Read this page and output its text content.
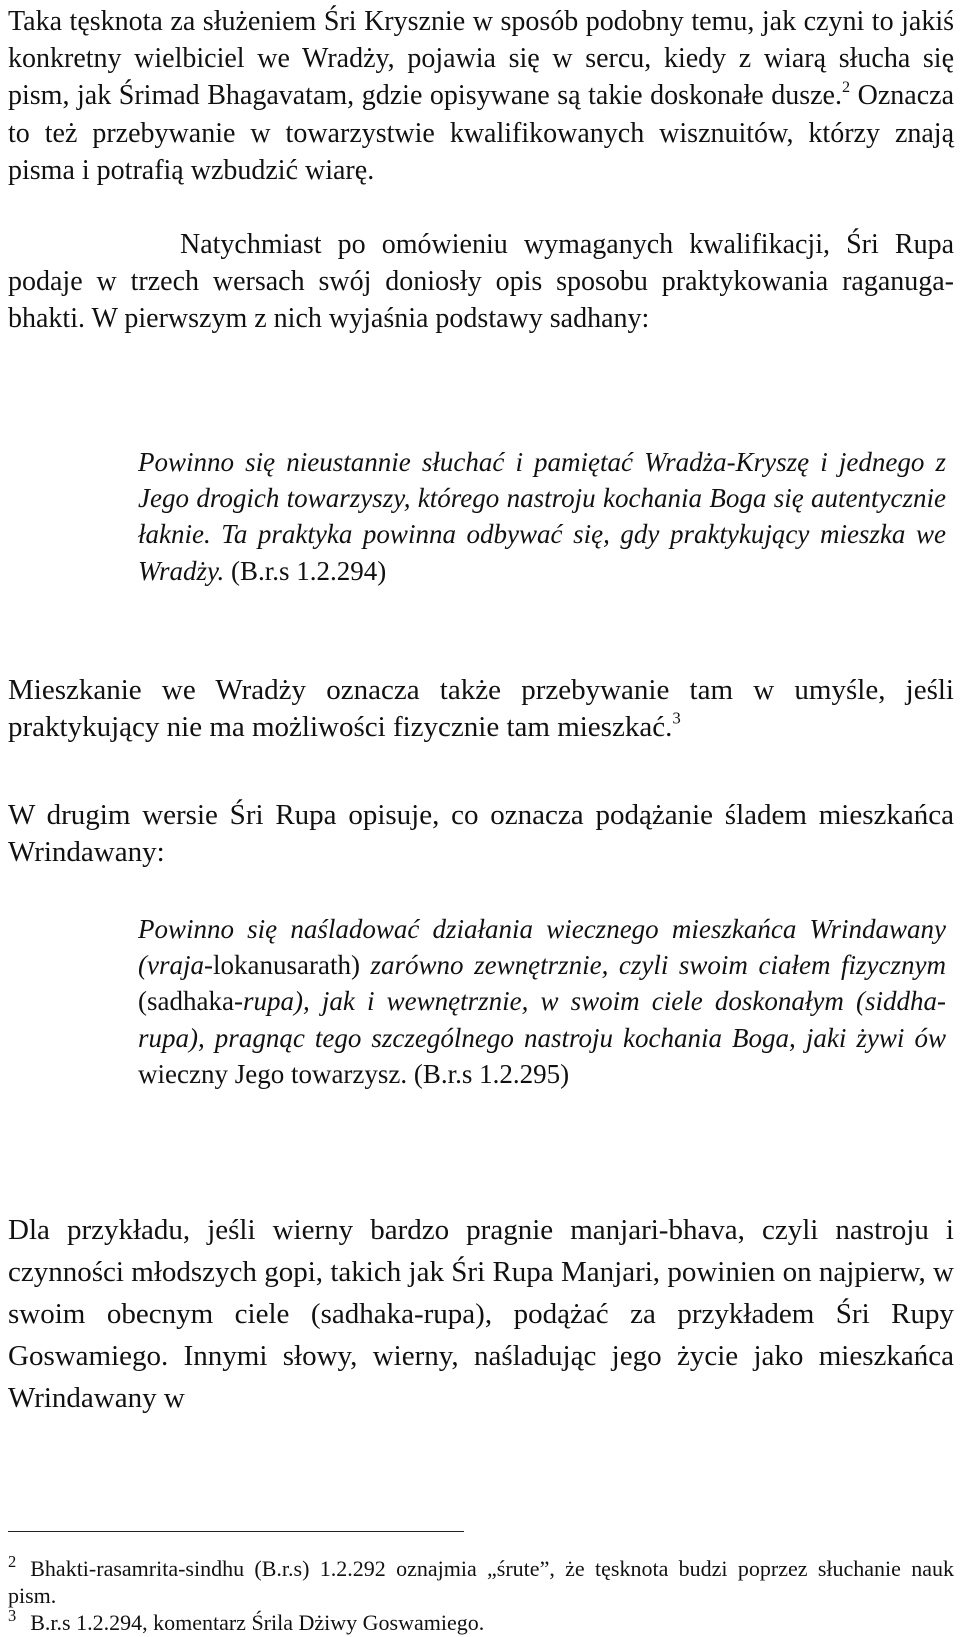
Taka tęsknota za służeniem Śri Krysznie w sposób podobny temu, jak czyni to jakiś konkretny wielbiciel we Wradży, pojawia się w sercu, kiedy z wiarą słucha się pism, jak Śrimad Bhagavatam, gdzie opisywane są takie doskonałe dusze.$^2$ Oznacza to też przebywanie w towarzystwie kwalifikowanych wisznuitów, którzy znają pisma i potrafią wzbudzić wiarę.

Natychmiast po omówieniu wymaganych kwalifikacji, Śri Rupa podaje w trzech wersach swój doniosły opis sposobu praktykowania raganuga-bhakti. W pierwszym z nich wyjaśnia podstawy sadhany:

Powinno się nieustannie słuchać i pamiętać Wradża-Kryszę i jednego z Jego drogich towarzyszy, którego nastroju kochania Boga się autentycznie łaknie. Ta praktyka powinna odbywać się, gdy praktykujący mieszka we Wradży. (B.r.s 1.2.294)

Mieszkanie we Wradży oznacza także przebywanie tam w umyśle, jeśli praktykujący nie ma możliwości fizycznie tam mieszkać.$^3$

W drugim wersie Śri Rupa opisuje, co oznacza podążanie śladem mieszkańca Wrindawany:

Powinno się naśladować działania wiecznego mieszkańca Wrindawany (vraja-lokanusarath) zarówno zewnętrznie, czyli swoim ciałem fizycznym (sadhaka-rupa), jak i wewnętrznie, w swoim ciele doskonałym (siddha-rupa), pragnąc tego szczególnego nastroju kochania Boga, jaki żywi ów wieczny Jego towarzysz. (B.r.s 1.2.295)

Dla przykładu, jeśli wierny bardzo pragnie manjari-bhava, czyli nastroju i czynności młodszych gopi, takich jak Śri Rupa Manjari, powinien on najpierw, w swoim obecnym ciele (sadhaka-rupa), podążać za przykładem Śri Rupy Goswamiego. Innymi słowy, wierny, naśladując jego życie jako mieszkańca Wrindawany w

$^2$ Bhakti-rasamrita-sindhu (B.r.s) 1.2.292 oznajmia „śrute”, że tęsknota budzi poprzez słuchanie nauk pism.

$^3$ B.r.s 1.2.294, komentarz Śrila Dżiwy Goswamiego.
